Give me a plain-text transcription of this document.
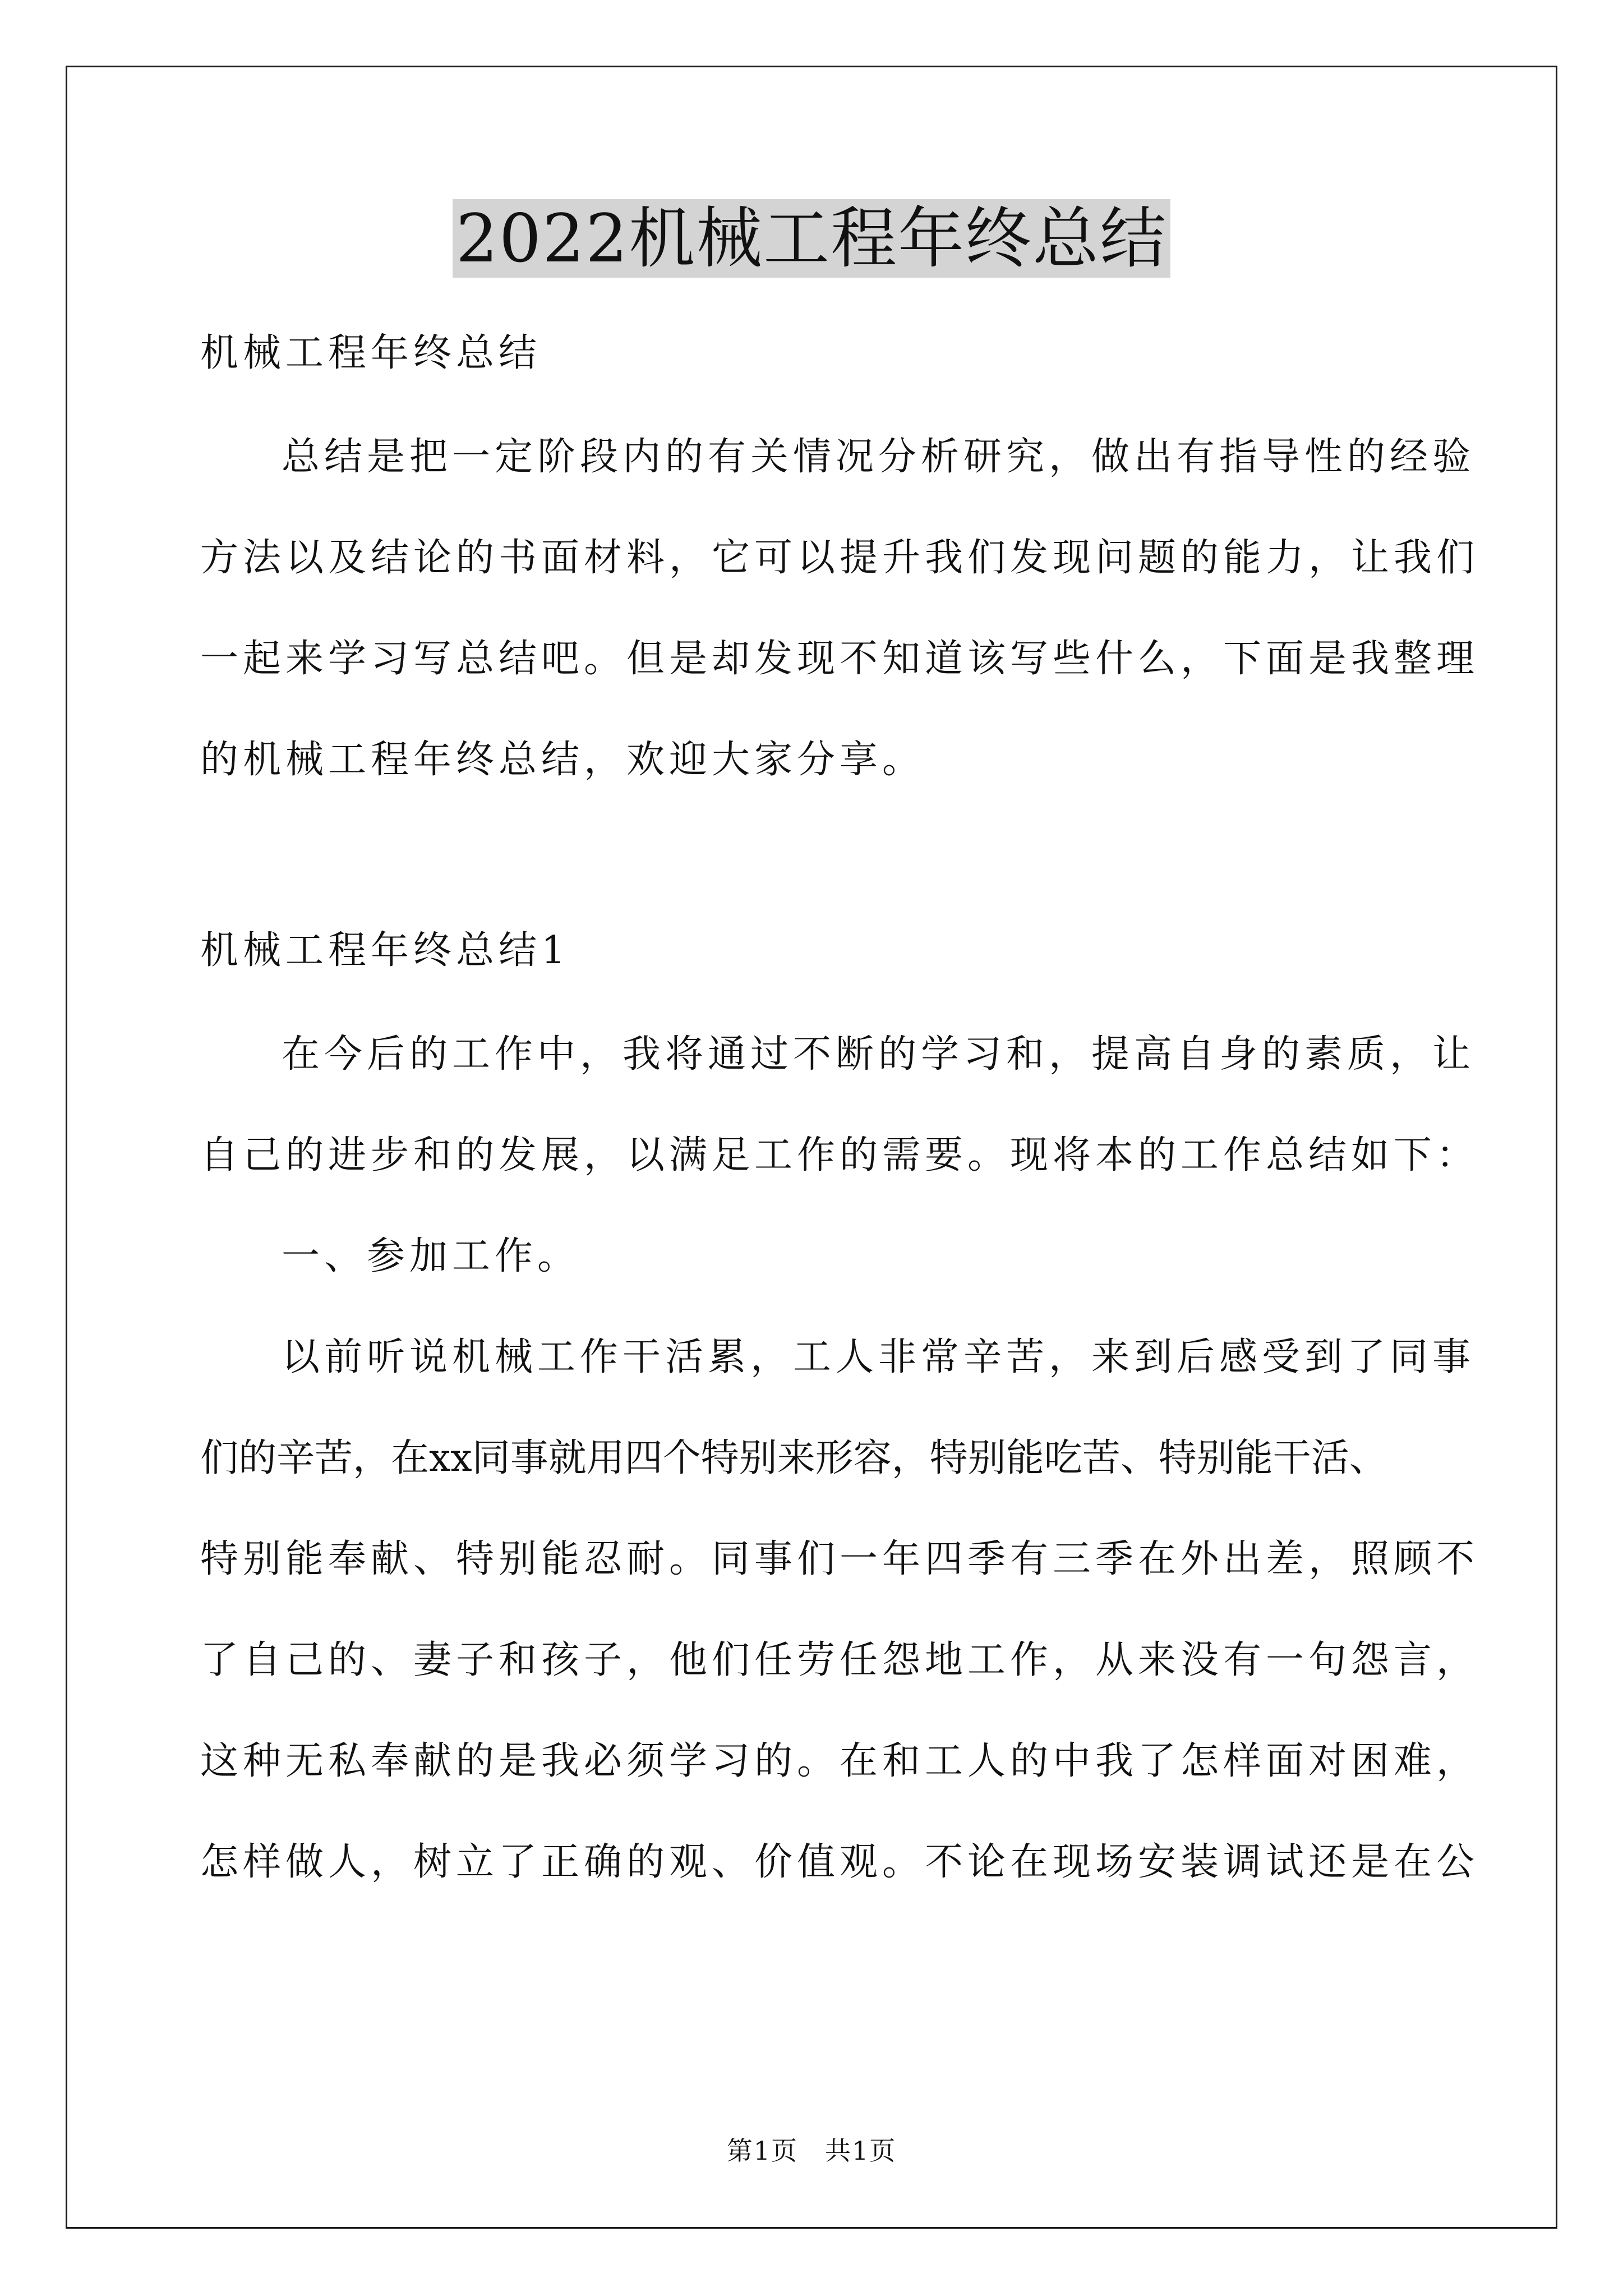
2022机械工程年终总结
机械工程年终总结
总结是把一定阶段内的有关情况分析研究，做出有指导性的经验
方法以及结论的书面材料，它可以提升我们发现问题的能力，让我们
一起来学习写总结吧。但是却发现不知道该写些什么，下面是我整理
的机械工程年终总结，欢迎大家分享。
机械工程年终总结1
在今后的工作中，我将通过不断的学习和，提高自身的素质，让
自己的进步和的发展，以满足工作的需要。现将本的工作总结如下：
一、参加工作。
以前听说机械工作干活累，工人非常辛苦，来到后感受到了同事
们的辛苦，在xx同事就用四个特别来形容，特别能吃苦、特别能干活、
特别能奉献、特别能忍耐。同事们一年四季有三季在外出差，照顾不
了自己的、妻子和孩子，他们任劳任怨地工作，从来没有一句怨言，
这种无私奉献的是我必须学习的。在和工人的中我了怎样面对困难，
怎样做人，树立了正确的观、价值观。不论在现场安装调试还是在公
第1页　共1页
